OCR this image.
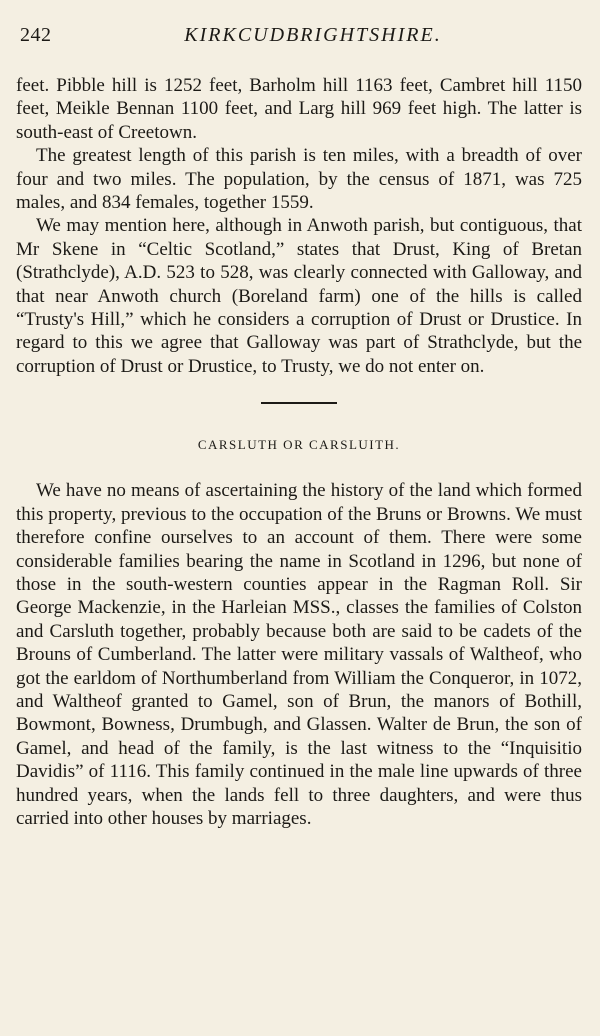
242	KIRKCUDBRIGHTSHIRE.

feet. Pibble hill is 1252 feet, Barholm hill 1163 feet, Cambret hill 1150 feet, Meikle Bennan 1100 feet, and Larg hill 969 feet high. The latter is south-east of Creetown.

The greatest length of this parish is ten miles, with a breadth of over four and two miles. The population, by the census of 1871, was 725 males, and 834 females, together 1559.

We may mention here, although in Anwoth parish, but contiguous, that Mr Skene in “Celtic Scotland,” states that Drust, King of Bretan (Strathclyde), A.D. 523 to 528, was clearly connected with Galloway, and that near Anwoth church (Boreland farm) one of the hills is called “Trusty's Hill,” which he considers a corruption of Drust or Drustice. In regard to this we agree that Galloway was part of Strathclyde, but the corruption of Drust or Drustice, to Trusty, we do not enter on.

CARSLUTH OR CARSLUITH.

We have no means of ascertaining the history of the land which formed this property, previous to the occupation of the Bruns or Browns. We must therefore confine ourselves to an account of them. There were some considerable families bearing the name in Scotland in 1296, but none of those in the south-western counties appear in the Ragman Roll. Sir George Mackenzie, in the Harleian MSS., classes the families of Colston and Carsluth together, probably because both are said to be cadets of the Brouns of Cumberland. The latter were military vassals of Waltheof, who got the earldom of Northumberland from William the Conqueror, in 1072, and Waltheof granted to Gamel, son of Brun, the manors of Bothill, Bowmont, Bowness, Drumbugh, and Glassen. Walter de Brun, the son of Gamel, and head of the family, is the last witness to the “Inquisitio Davidis” of 1116. This family continued in the male line upwards of three hundred years, when the lands fell to three daughters, and were thus carried into other houses by marriages.
